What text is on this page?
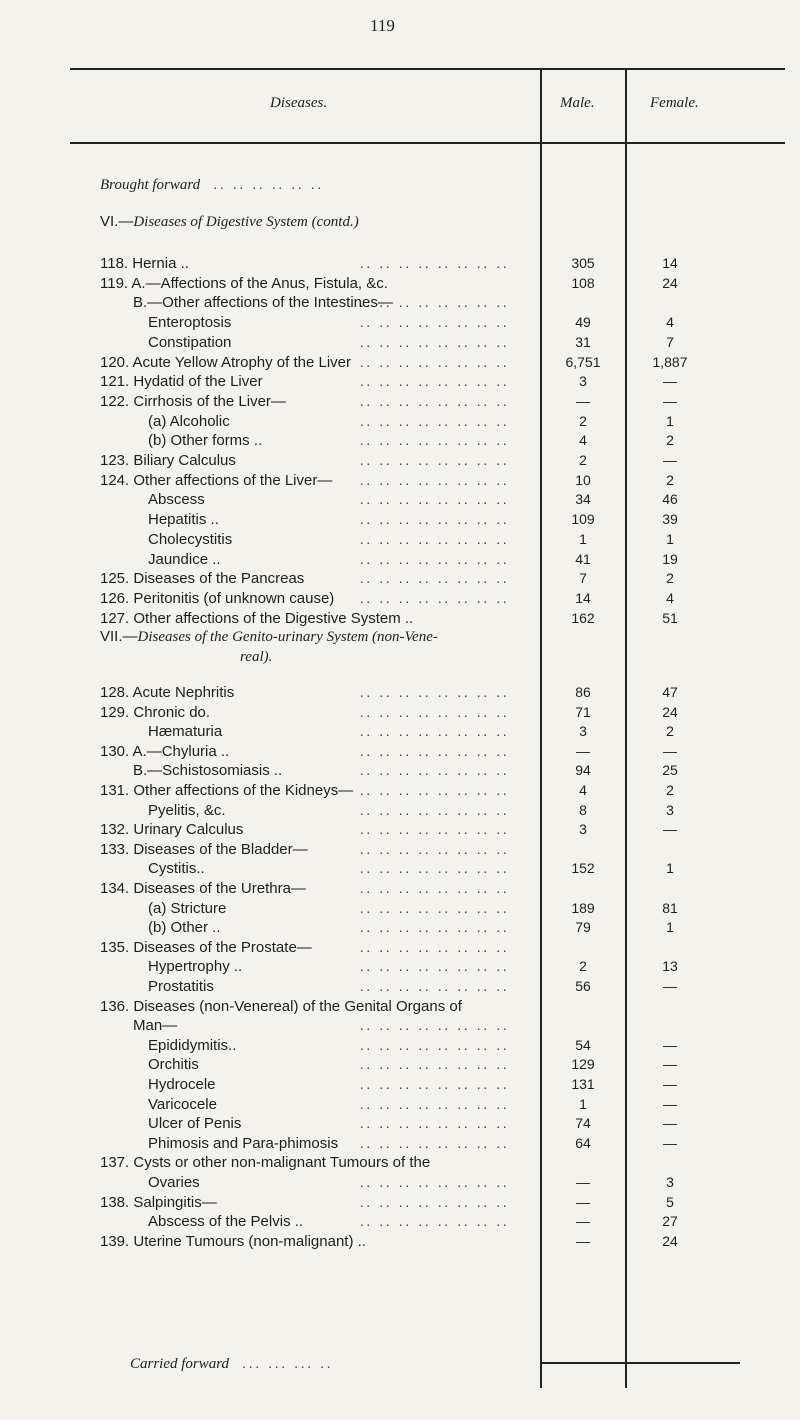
119
Diseases.	Male.	Female.
Brought forward .. .. .. .. .. ..
VI.—Diseases of Digestive System (contd.)
118. Hernia ..	.. .. .. .. .. .. .. ..	305	14
119. A.—Affections of the Anus, Fistula, &c.	108	24
B.—Other affections of the Intestines—
.. .. .. .. .. .. .. ..
Enteroptosis	.. .. .. .. .. .. .. ..	49	4
Constipation	.. .. .. .. .. .. .. ..	31	7
120. Acute Yellow Atrophy of the Liver .. .. .. .. .. .. .. ..	6,751	1,887
121. Hydatid of the Liver	.. .. .. .. .. .. .. ..	3	—
122. Cirrhosis of the Liver—	.. .. .. .. .. .. .. ..	—	—
(a) Alcoholic	.. .. .. .. .. .. .. ..	2	1
(b) Other forms ..	.. .. .. .. .. .. .. ..	4	2
123. Biliary Calculus	.. .. .. .. .. .. .. ..	2	—
124. Other affections of the Liver— .. .. .. .. .. .. .. ..	10	2
Abscess	.. .. .. .. .. .. .. ..	34	46
Hepatitis ..	.. .. .. .. .. .. .. ..	109	39
Cholecystitis	.. .. .. .. .. .. .. ..	1	1
Jaundice ..	.. .. .. .. .. .. .. ..	41	19
125. Diseases of the Pancreas	.. .. .. .. .. .. .. ..	7	2
126. Peritonitis (of unknown cause) .. .. .. .. .. .. .. ..	14	4
127. Other affections of the Digestive System ..	162	51
VII.—Diseases of the Genito-urinary System (non-Vene-
real).
128. Acute Nephritis	.. .. .. .. .. .. .. ..	86	47
129. Chronic do.	.. .. .. .. .. .. .. ..	71	24
Hæmaturia	.. .. .. .. .. .. .. ..	3	2
130. A.—Chyluria ..	.. .. .. .. .. .. .. ..	—	—
B.—Schistosomiasis ..	.. .. .. .. .. .. .. ..	94	25
131. Other affections of the Kidneys— .. .. .. .. .. .. .. ..	4	2
Pyelitis, &c.	.. .. .. .. .. .. .. ..	8	3
132. Urinary Calculus	.. .. .. .. .. .. .. ..	3	—
133. Diseases of the Bladder—	.. .. .. .. .. .. .. ..
Cystitis..	.. .. .. .. .. .. .. ..	152	1
134. Diseases of the Urethra—	.. .. .. .. .. .. .. ..
(a) Stricture	.. .. .. .. .. .. .. ..	189	81
(b) Other ..	.. .. .. .. .. .. .. ..	79	1
135. Diseases of the Prostate—	.. .. .. .. .. .. .. ..
Hypertrophy ..	.. .. .. .. .. .. .. ..	2	13
Prostatitis	.. .. .. .. .. .. .. ..	56	—
136. Diseases (non-Venereal) of the Genital Organs of
Man—	.. .. .. .. .. .. .. ..
Epididymitis..	.. .. .. .. .. .. .. ..	54	—
Orchitis	.. .. .. .. .. .. .. ..	129	—
Hydrocele	.. .. .. .. .. .. .. ..	131	—
Varicocele	.. .. .. .. .. .. .. ..	1	—
Ulcer of Penis	.. .. .. .. .. .. .. ..	74	—
Phimosis and Para-phimosis .. .. .. .. .. .. .. ..	64	—
137. Cysts or other non-malignant Tumours of the
Ovaries	.. .. .. .. .. .. .. ..	—	3
138. Salpingitis—	.. .. .. .. .. .. .. ..	—	5
Abscess of the Pelvis ..	.. .. .. .. .. .. .. ..	—	27
139. Uterine Tumours (non-malignant) ..	—	24
Carried forward ... ... ... ..
